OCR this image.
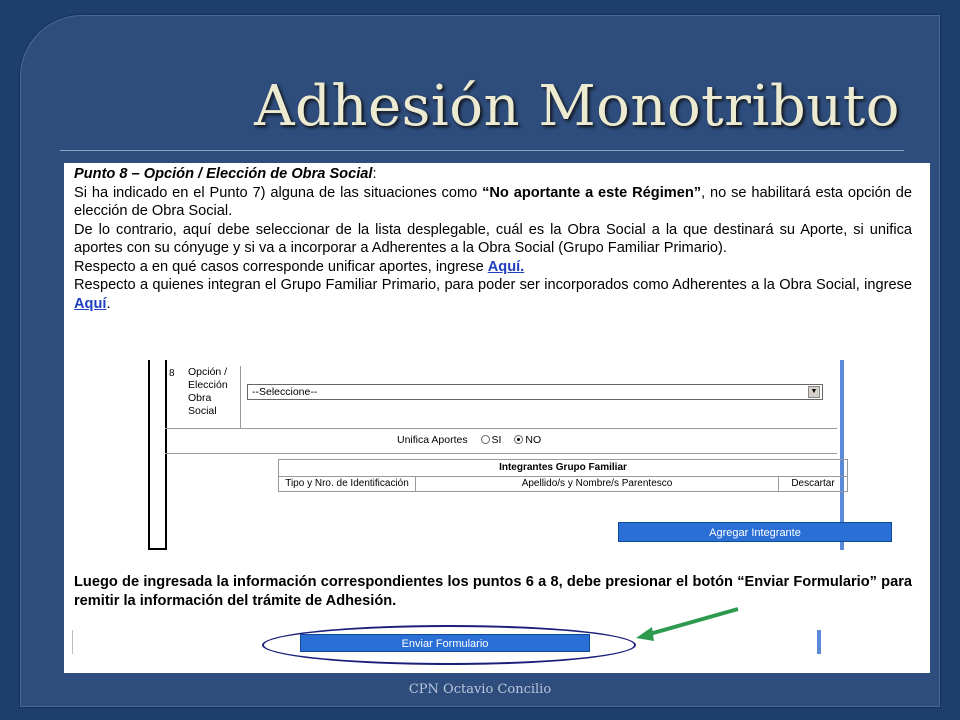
Adhesión Monotributo

Punto 8 – Opción / Elección de Obra Social:

Si ha indicado en el Punto 7) alguna de las situaciones como “No aportante a este Régimen”, no se habilitará esta opción de elección de Obra Social.

De lo contrario, aquí debe seleccionar de la lista desplegable, cuál es la Obra Social a la que destinará su Aporte, si unifica aportes con su cónyuge y si va a incorporar a Adherentes a la Obra Social (Grupo Familiar Primario).

Respecto a en qué casos corresponde unificar aportes, ingrese Aquí.

Respecto a quienes integran el Grupo Familiar Primario, para poder ser incorporados como Adherentes a la Obra Social, ingrese Aquí.

8 Opción / Elección Obra Social
--Seleccione--	▼
Unifica Aportes SI NO
Integrantes Grupo Familiar
Tipo y Nro. de Identificación	Apellido/s y Nombre/s Parentesco	Descartar
Agregar Integrante
Luego de ingresada la información correspondientes los puntos 6 a 8, debe presionar el botón “Enviar Formulario” para remitir la información del trámite de Adhesión.
Enviar Formulario
CPN Octavio Concilio
